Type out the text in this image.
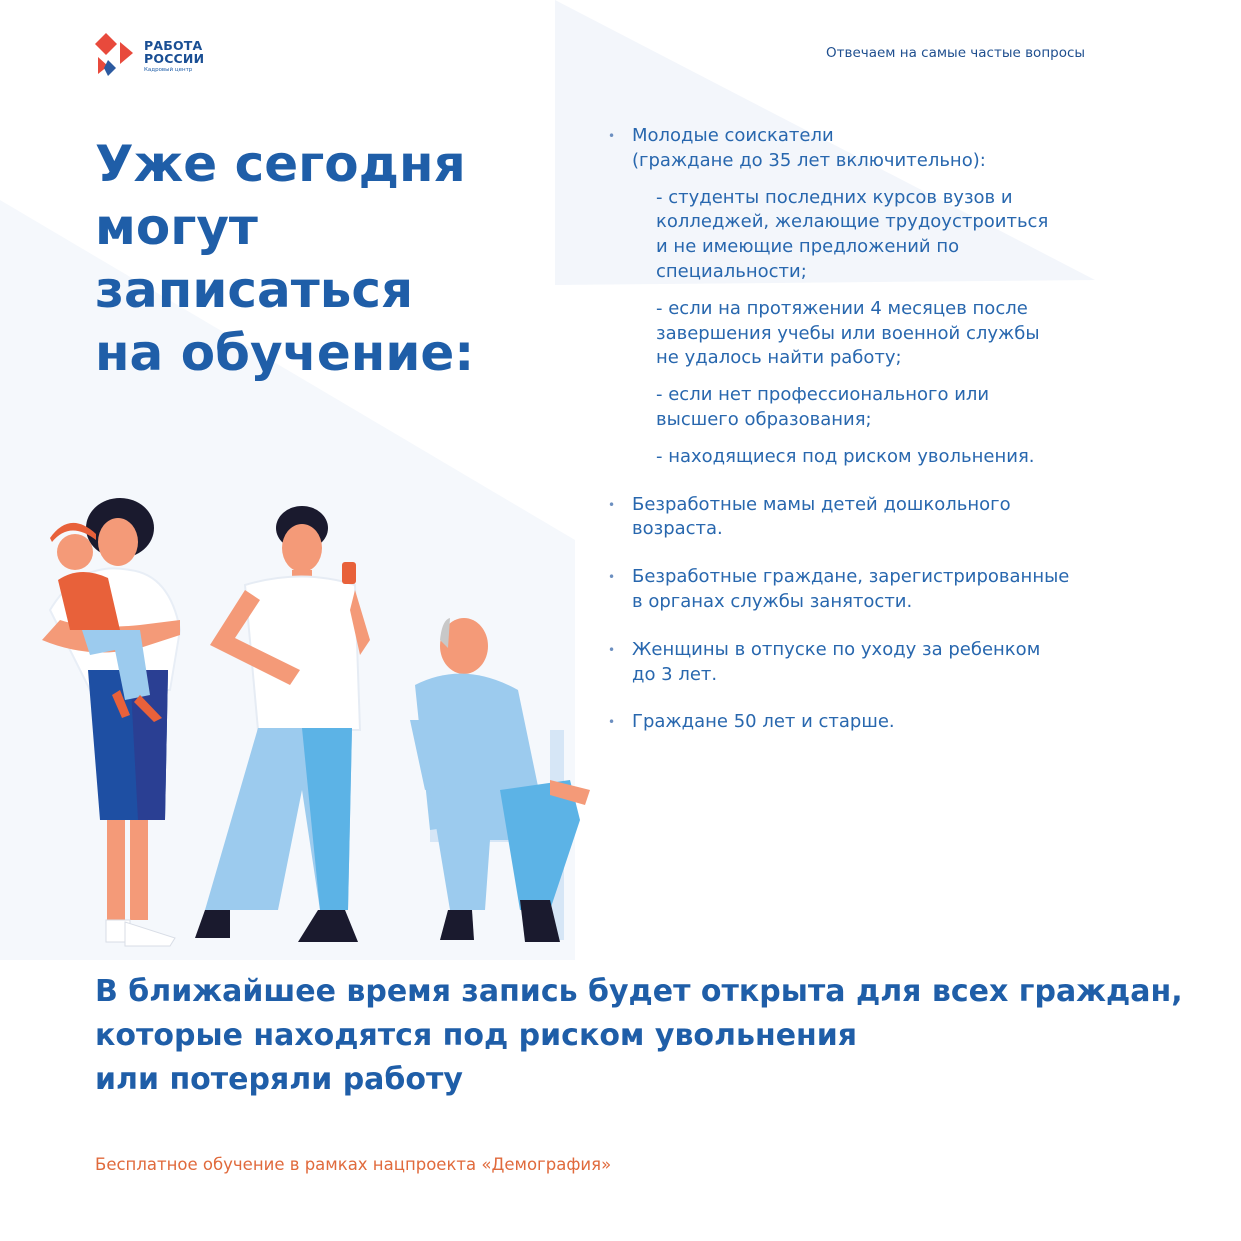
РАБОТА
РОССИИ
Кадровый центр
Отвечаем на самые частые вопросы
Уже сегодня
могут
записаться
на обучение:
• Молодые соискатели
(граждане до 35 лет включительно):
- студенты последних курсов вузов и
колледжей, желающие трудоустроиться
и не имеющие предложений по
специальности;
- если на протяжении 4 месяцев после
завершения учебы или военной службы
не удалось найти работу;
- если нет профессионального или
высшего образования;
- находящиеся под риском увольнения.
• Безработные мамы детей дошкольного
возраста.
• Безработные граждане, зарегистрированные
в органах службы занятости.
• Женщины в отпуске по уходу за ребенком
до 3 лет.
• Граждане 50 лет и старше.
В ближайшее время запись будет открыта для всех граждан,
которые находятся под риском увольнения
или потеряли работу
Бесплатное обучение в рамках нацпроекта «Демография»
